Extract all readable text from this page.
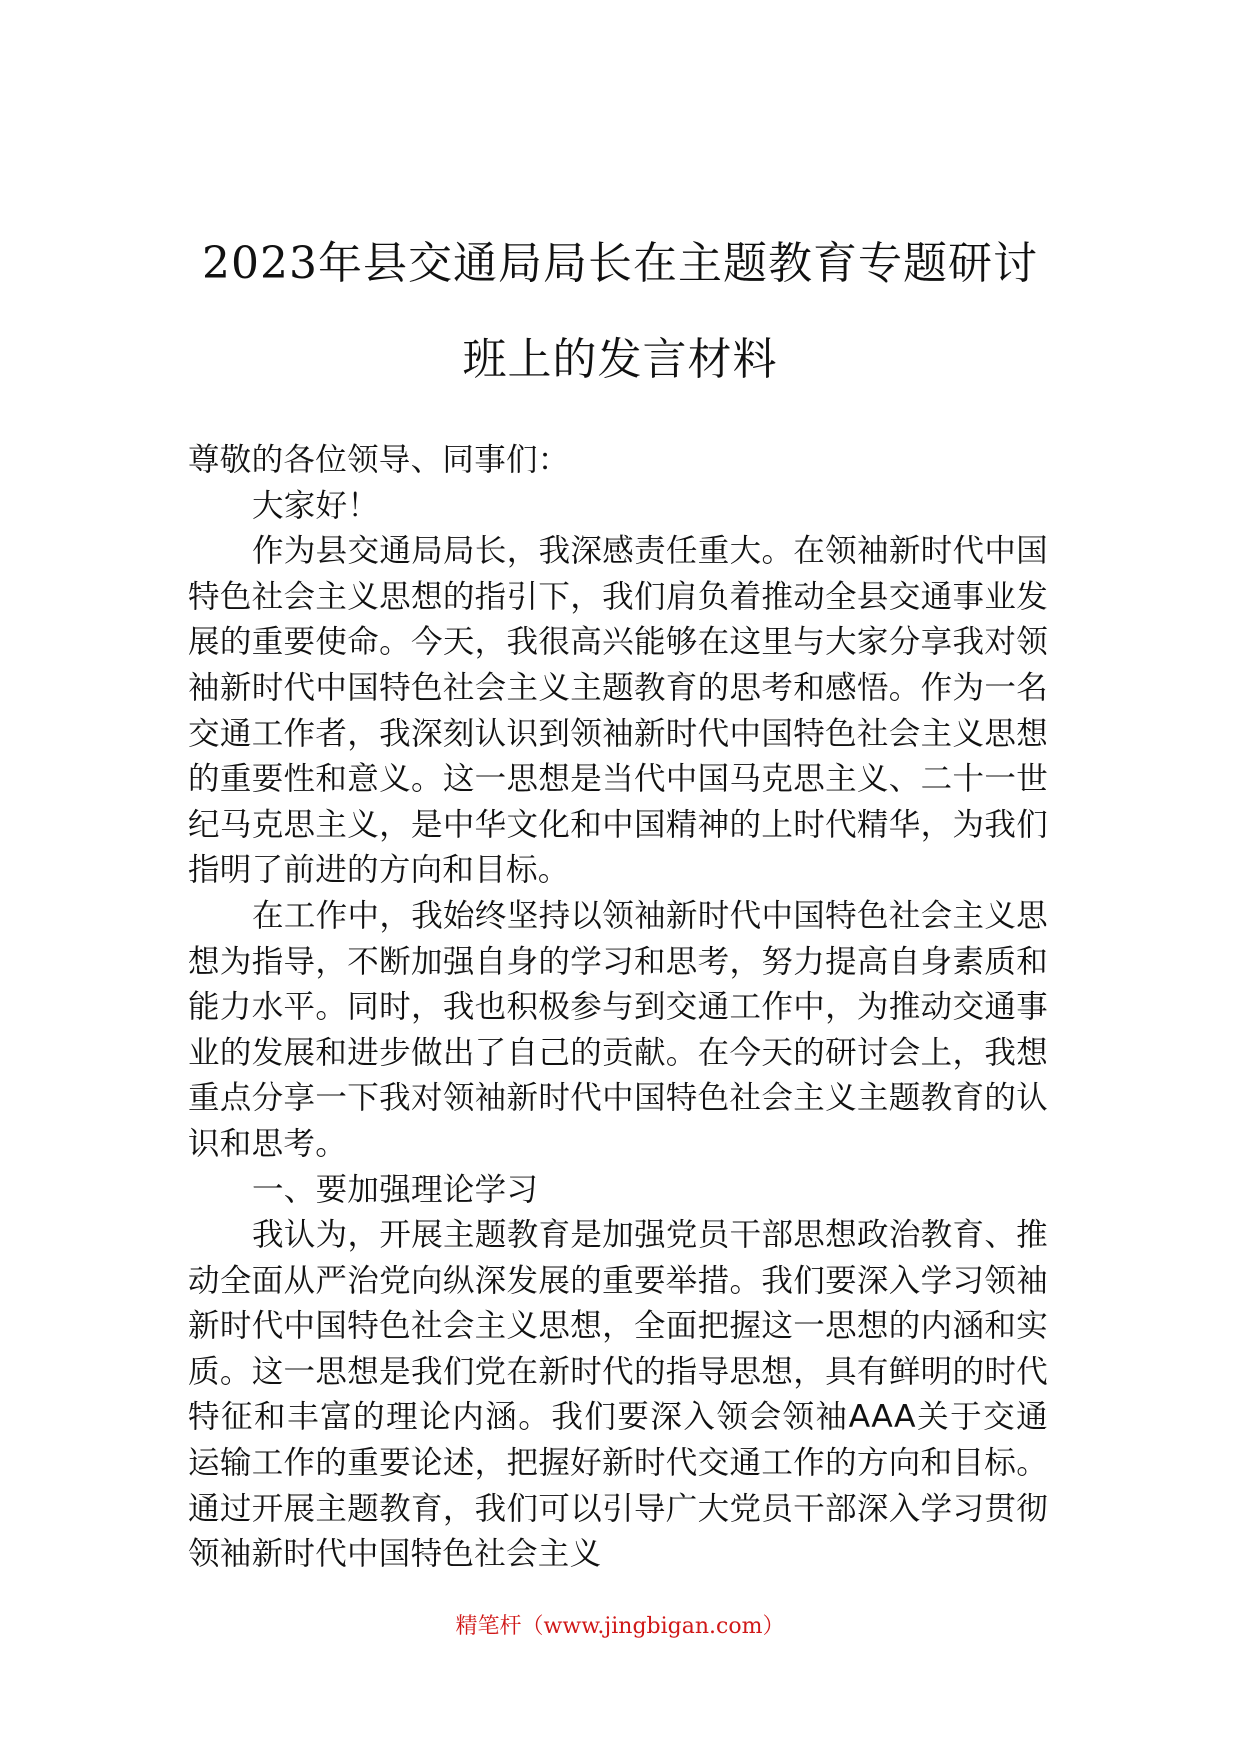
2023年县交通局局长在主题教育专题研讨
班上的发言材料

尊敬的各位领导、同事们：

大家好！

作为县交通局局长，我深感责任重大。在领袖新时代中国特色社会主义思想的指引下，我们肩负着推动全县交通事业发展的重要使命。今天，我很高兴能够在这里与大家分享我对领袖新时代中国特色社会主义主题教育的思考和感悟。作为一名交通工作者，我深刻认识到领袖新时代中国特色社会主义思想的重要性和意义。这一思想是当代中国马克思主义、二十一世纪马克思主义，是中华文化和中国精神的上时代精华，为我们指明了前进的方向和目标。

在工作中，我始终坚持以领袖新时代中国特色社会主义思想为指导，不断加强自身的学习和思考，努力提高自身素质和能力水平。同时，我也积极参与到交通工作中，为推动交通事业的发展和进步做出了自己的贡献。在今天的研讨会上，我想重点分享一下我对领袖新时代中国特色社会主义主题教育的认识和思考。

一、要加强理论学习

我认为，开展主题教育是加强党员干部思想政治教育、推动全面从严治党向纵深发展的重要举措。我们要深入学习领袖新时代中国特色社会主义思想，全面把握这一思想的内涵和实质。这一思想是我们党在新时代的指导思想，具有鲜明的时代特征和丰富的理论内涵。我们要深入领会领袖AAA关于交通运输工作的重要论述，把握好新时代交通工作的方向和目标。通过开展主题教育，我们可以引导广大党员干部深入学习贯彻领袖新时代中国特色社会主义

精笔杆（www.jingbigan.com）
